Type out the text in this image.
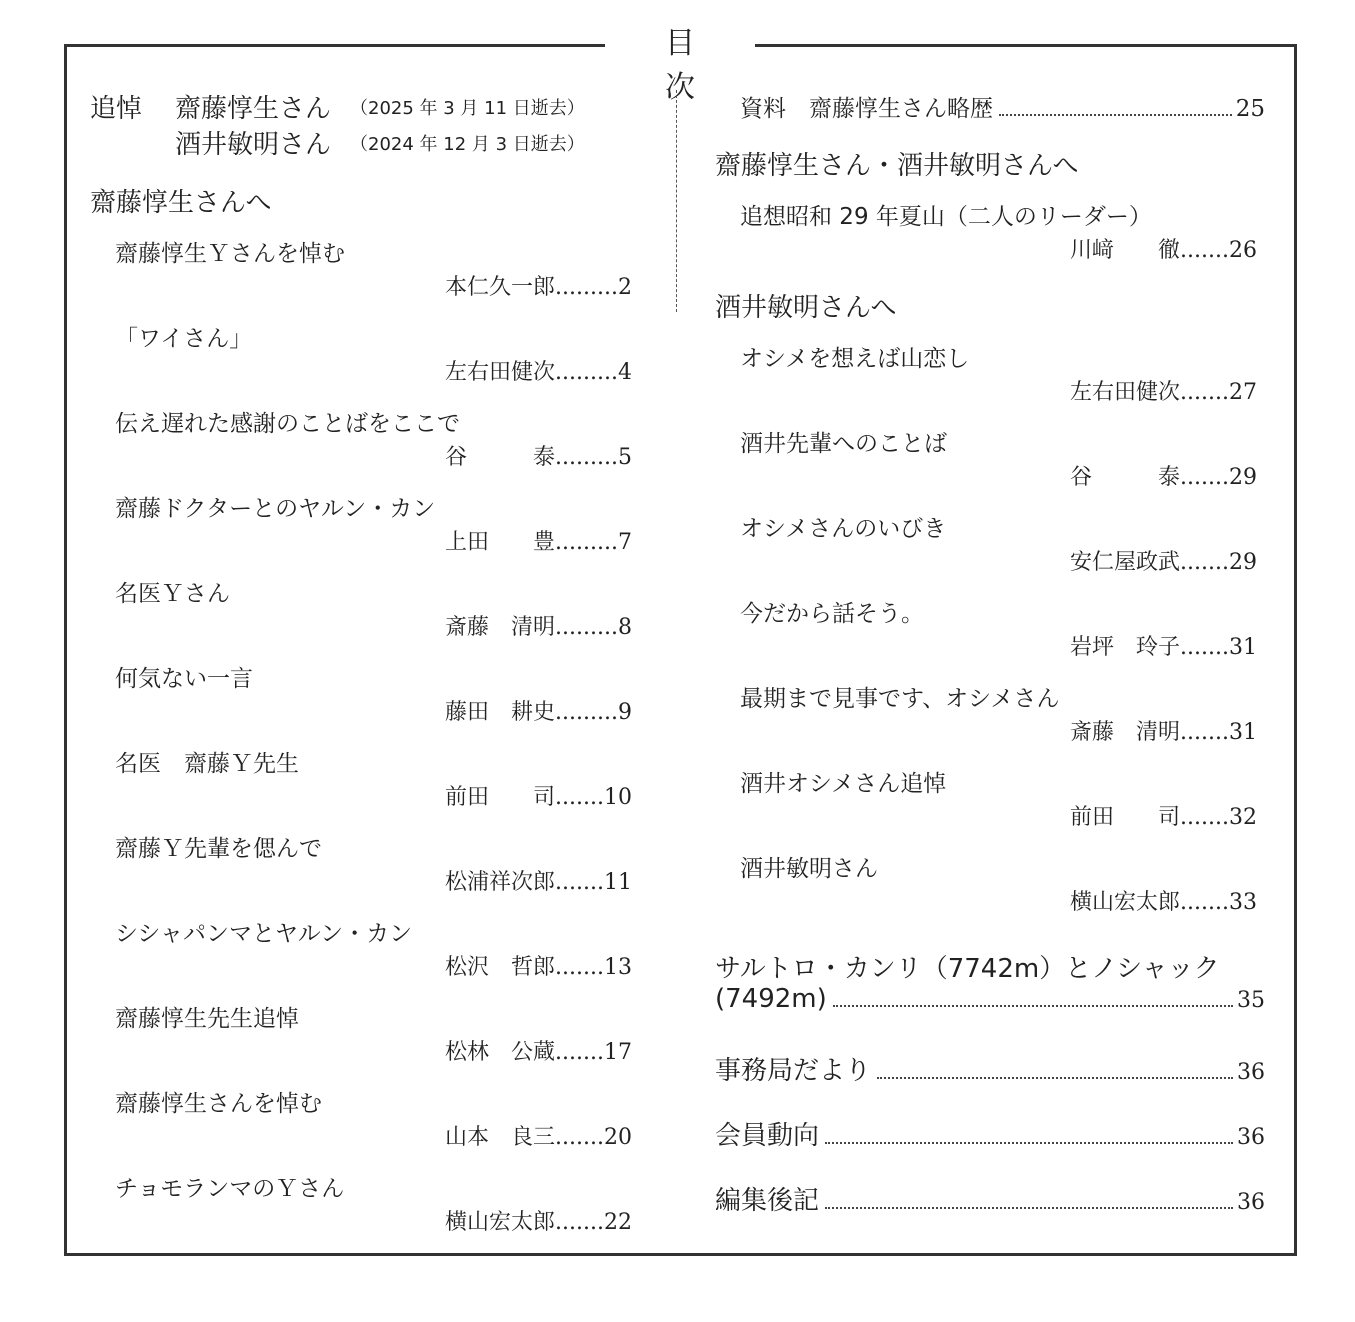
目 次
追悼 齋藤惇生さん （2025 年 3 月 11 日逝去）
酒井敏明さん （2024 年 12 月 3 日逝去）
齋藤惇生さんへ
齋藤惇生Ｙさんを悼む
本仁久一郎.........2
「ワイさん」
左右田健次.........4
伝え遅れた感謝のことばをここで
谷　　　泰.........5
齋藤ドクターとのヤルン・カン
上田　　豊.........7
名医Ｙさん
斎藤　清明.........8
何気ない一言
藤田　耕史.........9
名医　齋藤Ｙ先生
前田　　司.......10
齋藤Ｙ先輩を偲んで
松浦祥次郎.......11
シシャパンマとヤルン・カン
松沢　哲郎.......13
齋藤惇生先生追悼
松林　公蔵.......17
齋藤惇生さんを悼む
山本　良三.......20
チョモランマのＹさん
横山宏太郎.......22
資料　齋藤惇生さん略歴	25
齋藤惇生さん・酒井敏明さんへ
追想昭和 29 年夏山（二人のリーダー）
川﨑　　徹.......26
酒井敏明さんへ
オシメを想えば山恋し
左右田健次.......27
酒井先輩へのことば
谷　　　泰.......29
オシメさんのいびき
安仁屋政武.......29
今だから話そう。
岩坪　玲子.......31
最期まで見事です、オシメさん
斎藤　清明.......31
酒井オシメさん追悼
前田　　司.......32
酒井敏明さん
横山宏太郎.......33
サルトロ・カンリ（7742m）とノシャック
(7492m)	35
事務局だより	36
会員動向	36
編集後記	36
